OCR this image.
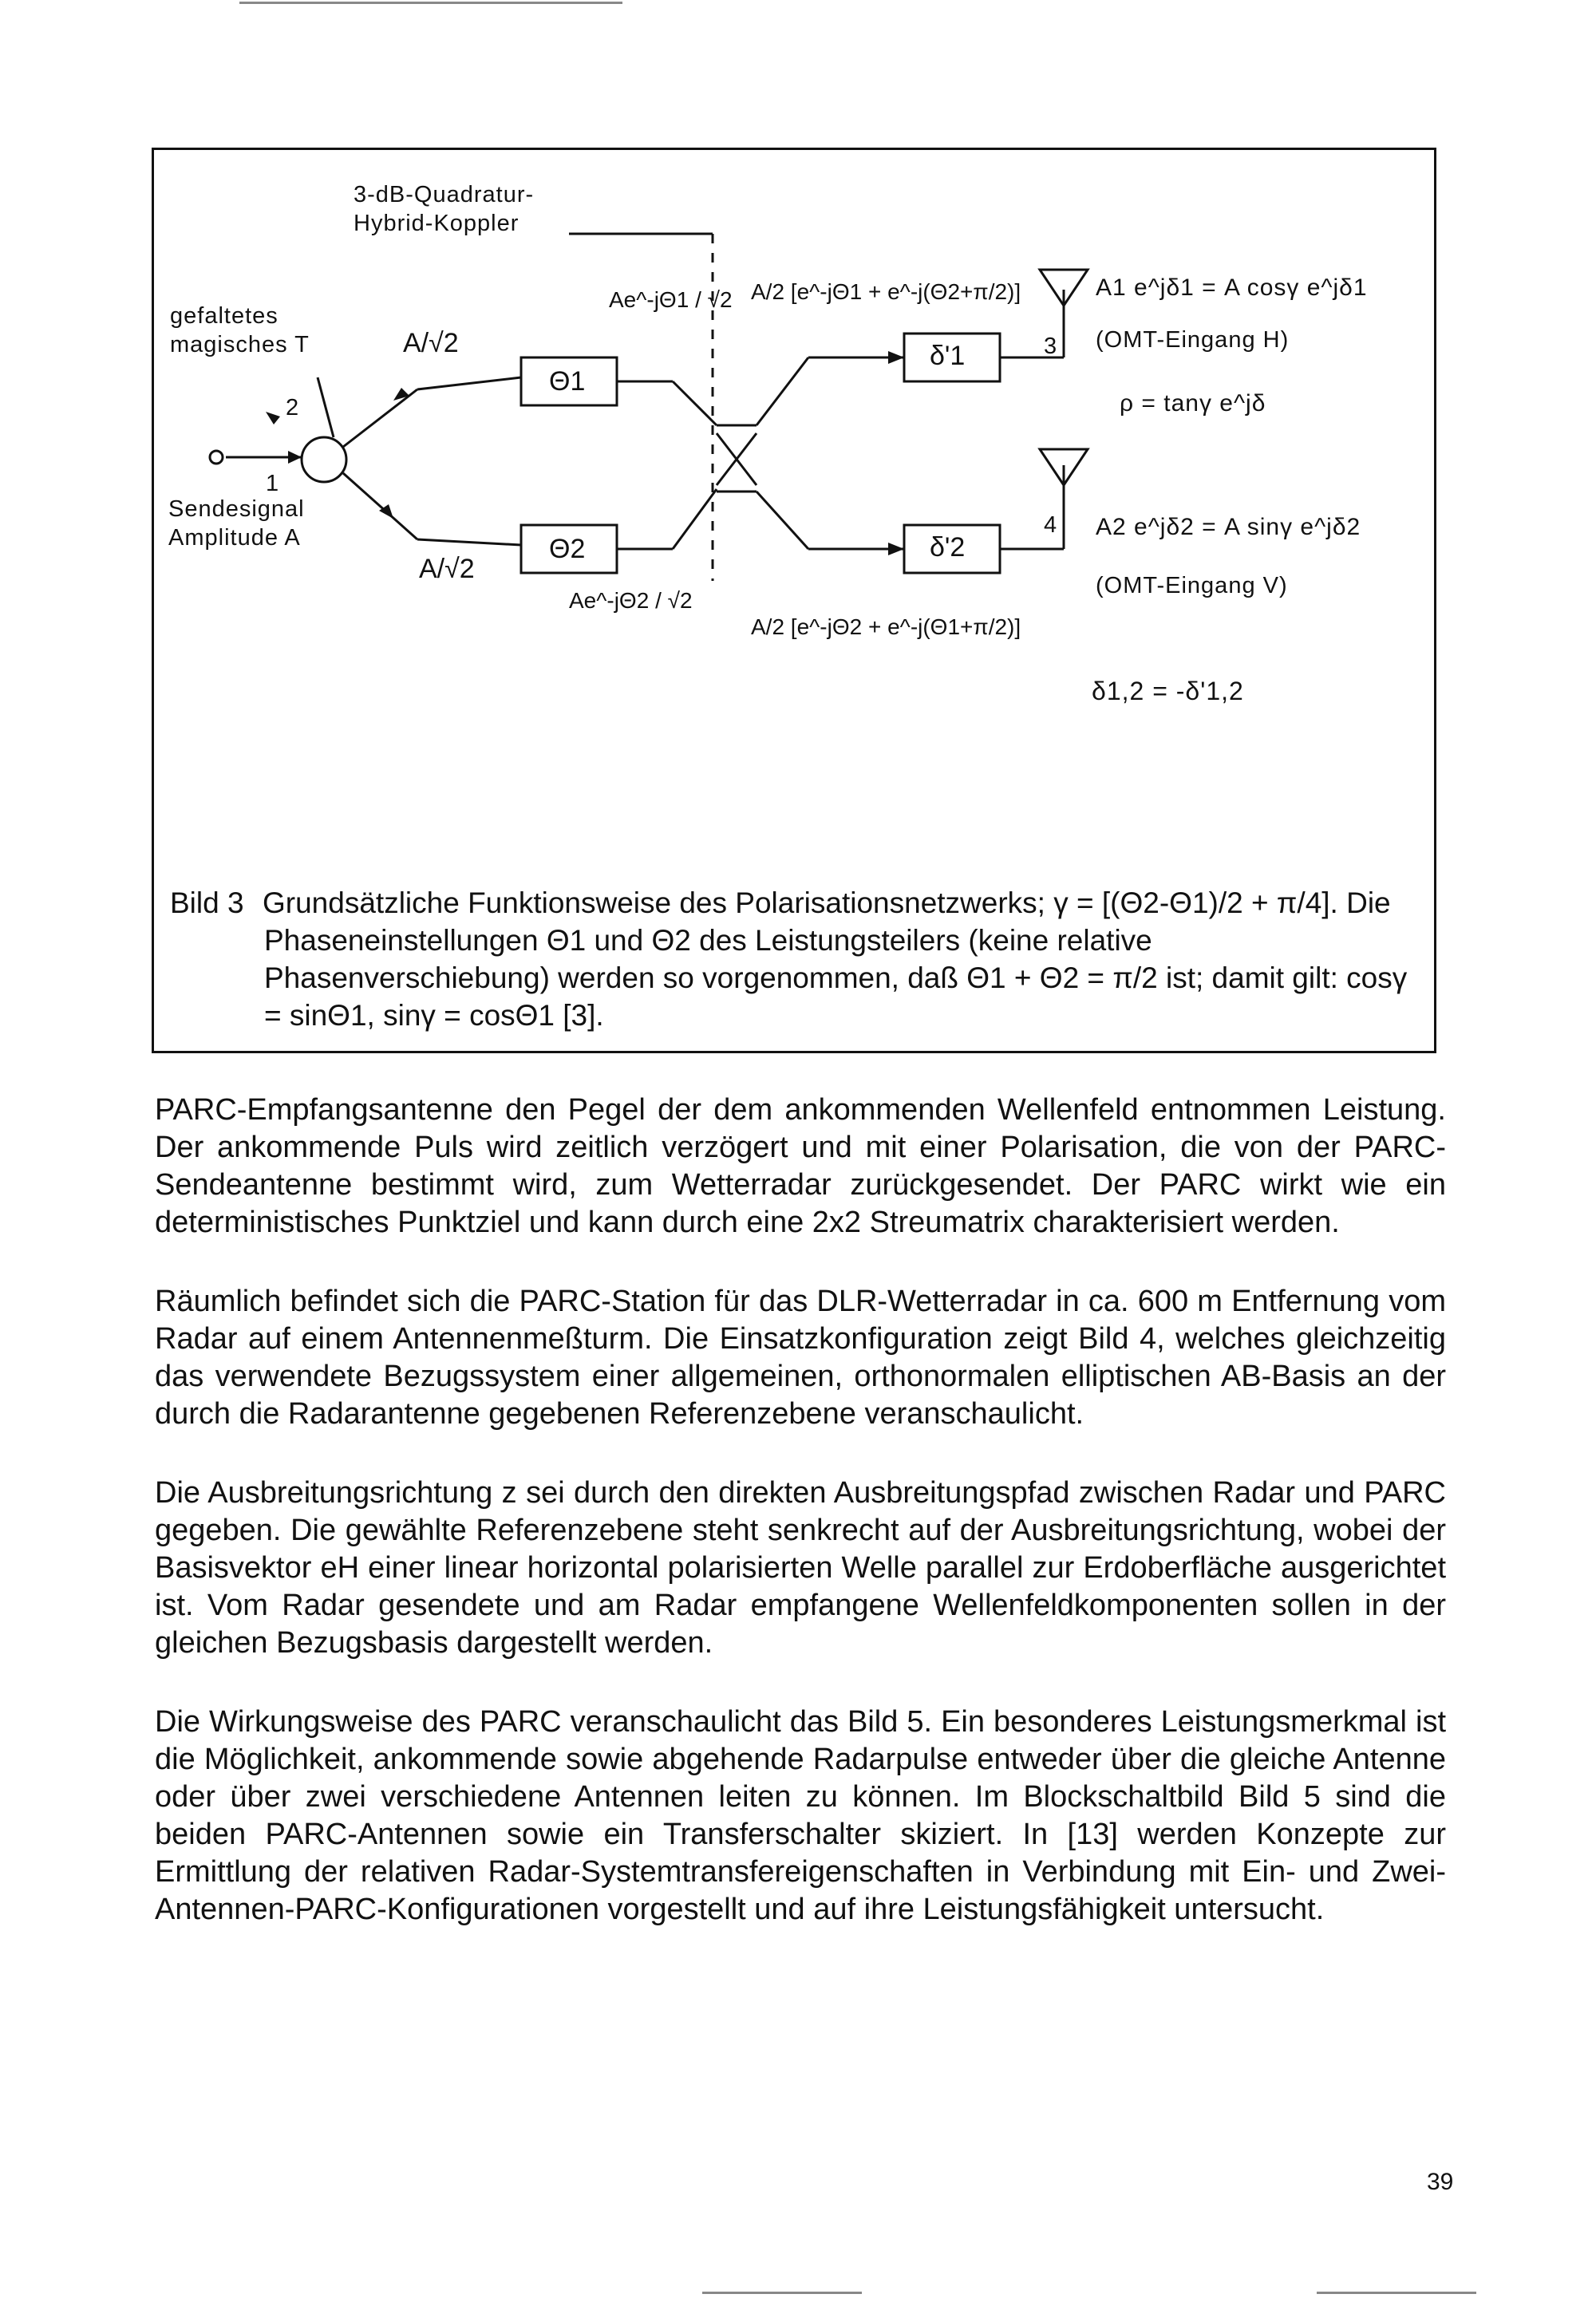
3-dB-Quadratur-
Hybrid-Koppler
gefaltetes
magisches T
Sendesignal
Amplitude A
1
2
3
4
A/√2
A/√2
Θ1
Θ2
δ'1
δ'2
Ae^-jΘ1 / √2
Ae^-jΘ2 / √2
A/2 [e^-jΘ1 + e^-j(Θ2+π/2)]
A/2 [e^-jΘ2 + e^-j(Θ1+π/2)]
A1 e^jδ1 = A cosγ e^jδ1
(OMT-Eingang H)
ρ = tanγ e^jδ
A2 e^jδ2 = A sinγ e^jδ2
(OMT-Eingang V)
δ1,2 = -δ'1,2
Bild 3 Grundsätzliche Funktionsweise des Polarisationsnetzwerks; γ = [(Θ2-Θ1)/2 + π/4]. Die Phaseneinstellungen Θ1 und Θ2 des Leistungsteilers (keine relative Phasenverschiebung) werden so vorgenommen, daß Θ1 + Θ2 = π/2 ist; damit gilt: cosγ = sinΘ1, sinγ = cosΘ1 [3].

PARC-Empfangsantenne den Pegel der dem ankommenden Wellenfeld entnommen Leistung. Der ankommende Puls wird zeitlich verzögert und mit einer Polarisation, die von der PARC-Sendeantenne bestimmt wird, zum Wetterradar zurückgesendet. Der PARC wirkt wie ein deterministisches Punktziel und kann durch eine 2x2 Streumatrix charakterisiert werden.

Räumlich befindet sich die PARC-Station für das DLR-Wetterradar in ca. 600 m Entfernung vom Radar auf einem Antennenmeßturm. Die Einsatzkonfiguration zeigt Bild 4, welches gleichzeitig das verwendete Bezugssystem einer allgemeinen, orthonormalen elliptischen AB-Basis an der durch die Radarantenne gegebenen Referenzebene veranschaulicht.

Die Ausbreitungsrichtung z sei durch den direkten Ausbreitungspfad zwischen Radar und PARC gegeben. Die gewählte Referenzebene steht senkrecht auf der Ausbreitungsrichtung, wobei der Basisvektor eH einer linear horizontal polarisierten Welle parallel zur Erdoberfläche ausgerichtet ist. Vom Radar gesendete und am Radar empfangene Wellenfeldkomponenten sollen in der gleichen Bezugsbasis dargestellt werden.

Die Wirkungsweise des PARC veranschaulicht das Bild 5. Ein besonderes Leistungsmerkmal ist die Möglichkeit, ankommende sowie abgehende Radarpulse entweder über die gleiche Antenne oder über zwei verschiedene Antennen leiten zu können. Im Blockschaltbild Bild 5 sind die beiden PARC-Antennen sowie ein Transferschalter skiziert. In [13] werden Konzepte zur Ermittlung der relativen Radar-Systemtransfereigenschaften in Verbindung mit Ein- und Zwei-Antennen-PARC-Konfigurationen vorgestellt und auf ihre Leistungsfähigkeit untersucht.

39
